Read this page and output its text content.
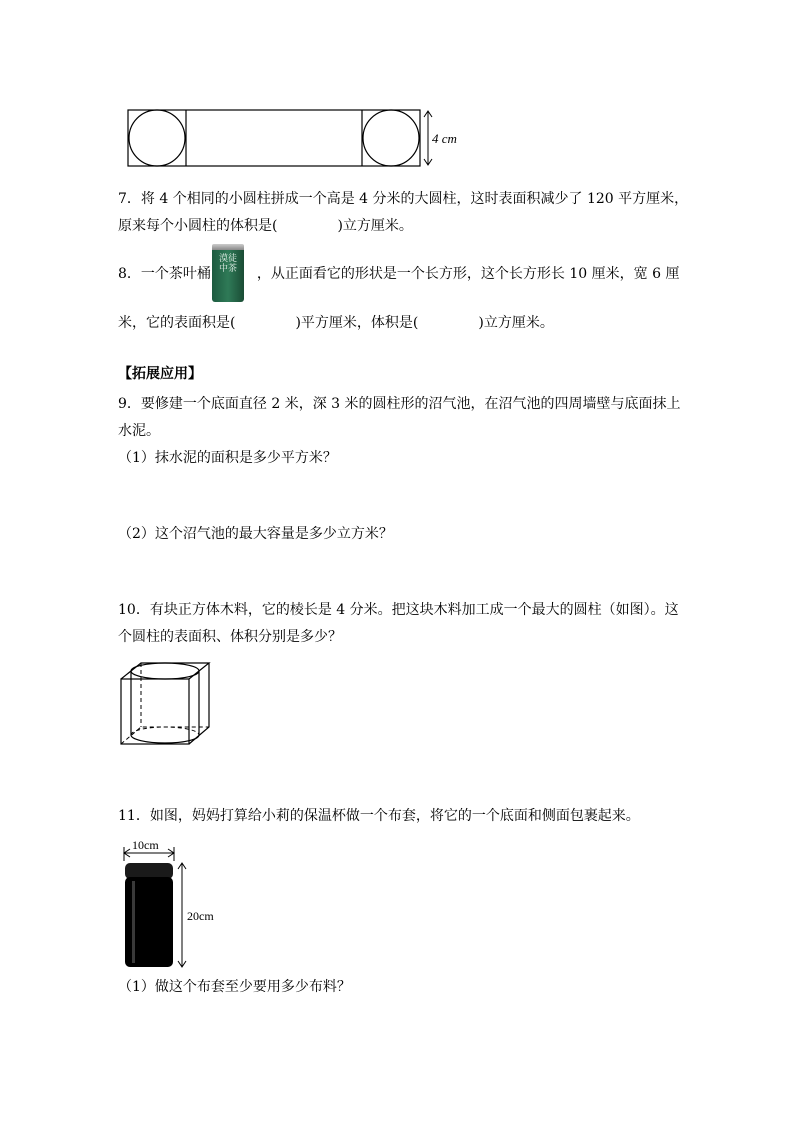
4 cm
7．将 4 个相同的小圆柱拼成一个高是 4 分米的大圆柱，这时表面积减少了 120 平方厘米，
原来每个小圆柱的体积是(	)立方厘米。
8．一个茶叶桶	，从正面看它的形状是一个长方形，这个长方形长 10 厘米，宽 6 厘
漠徒中茶
米，它的表面积是(	)平方厘米，体积是(	)立方厘米。
【拓展应用】
9．要修建一个底面直径 2 米，深 3 米的圆柱形的沼气池，在沼气池的四周墙壁与底面抹上
水泥。
（1）抹水泥的面积是多少平方米？
（2）这个沼气池的最大容量是多少立方米？
10．有块正方体木料，它的棱长是 4 分米。把这块木料加工成一个最大的圆柱（如图）。这
个圆柱的表面积、体积分别是多少？
11．如图，妈妈打算给小莉的保温杯做一个布套，将它的一个底面和侧面包裹起来。
10cm
20cm
（1）做这个布套至少要用多少布料？
